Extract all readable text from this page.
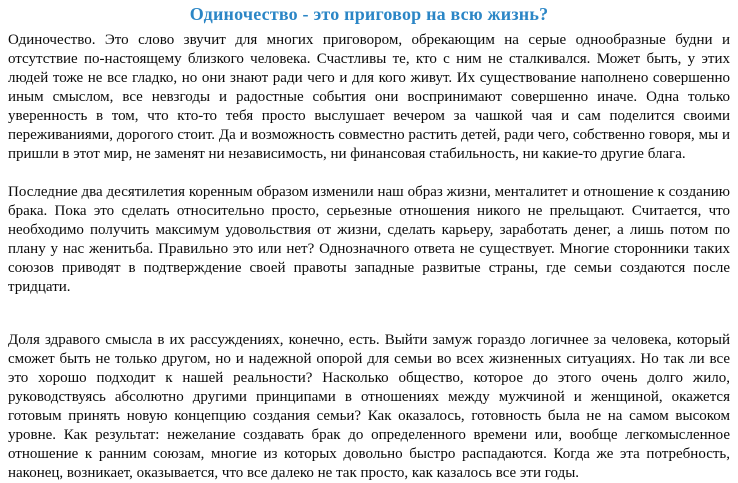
Одиночество - это приговор на всю жизнь?

Одиночество. Это слово звучит для многих приговором, обрекающим на серые однообразные будни и отсутствие по-настоящему близкого человека. Счастливы те, кто с ним не сталкивался. Может быть, у этих людей тоже не все гладко, но они знают ради чего и для кого живут. Их существование наполнено совершенно иным смыслом, все невзгоды и радостные события они воспринимают совершенно иначе. Одна только уверенность в том, что кто-то тебя просто выслушает вечером за чашкой чая и сам поделится своими переживаниями, дорогого стоит. Да и возможность совместно растить детей, ради чего, собственно говоря, мы и пришли в этот мир, не заменят ни независимость, ни финансовая стабильность, ни какие-то другие блага.

Последние два десятилетия коренным образом изменили наш образ жизни, менталитет и отношение к созданию брака. Пока это сделать относительно просто, серьезные отношения никого не прельщают. Считается, что необходимо получить максимум удовольствия от жизни, сделать карьеру, заработать денег, а лишь потом по плану у нас женитьба. Правильно это или нет? Однозначного ответа не существует. Многие сторонники таких союзов приводят в подтверждение своей правоты западные развитые страны, где семьи создаются после тридцати.

Доля здравого смысла в их рассуждениях, конечно, есть. Выйти замуж гораздо логичнее за человека, который сможет быть не только другом, но и надежной опорой для семьи во всех жизненных ситуациях. Но так ли все это хорошо подходит к нашей реальности? Насколько общество, которое до этого очень долго жило, руководствуясь абсолютно другими принципами в отношениях между мужчиной и женщиной, окажется готовым принять новую концепцию создания семьи? Как оказалось, готовность была не на самом высоком уровне. Как результат: нежелание создавать брак до определенного времени или, вообще легкомысленное отношение к ранним союзам, многие из которых довольно быстро распадаются. Когда же эта потребность, наконец, возникает, оказывается, что все далеко не так просто, как казалось все эти годы.
